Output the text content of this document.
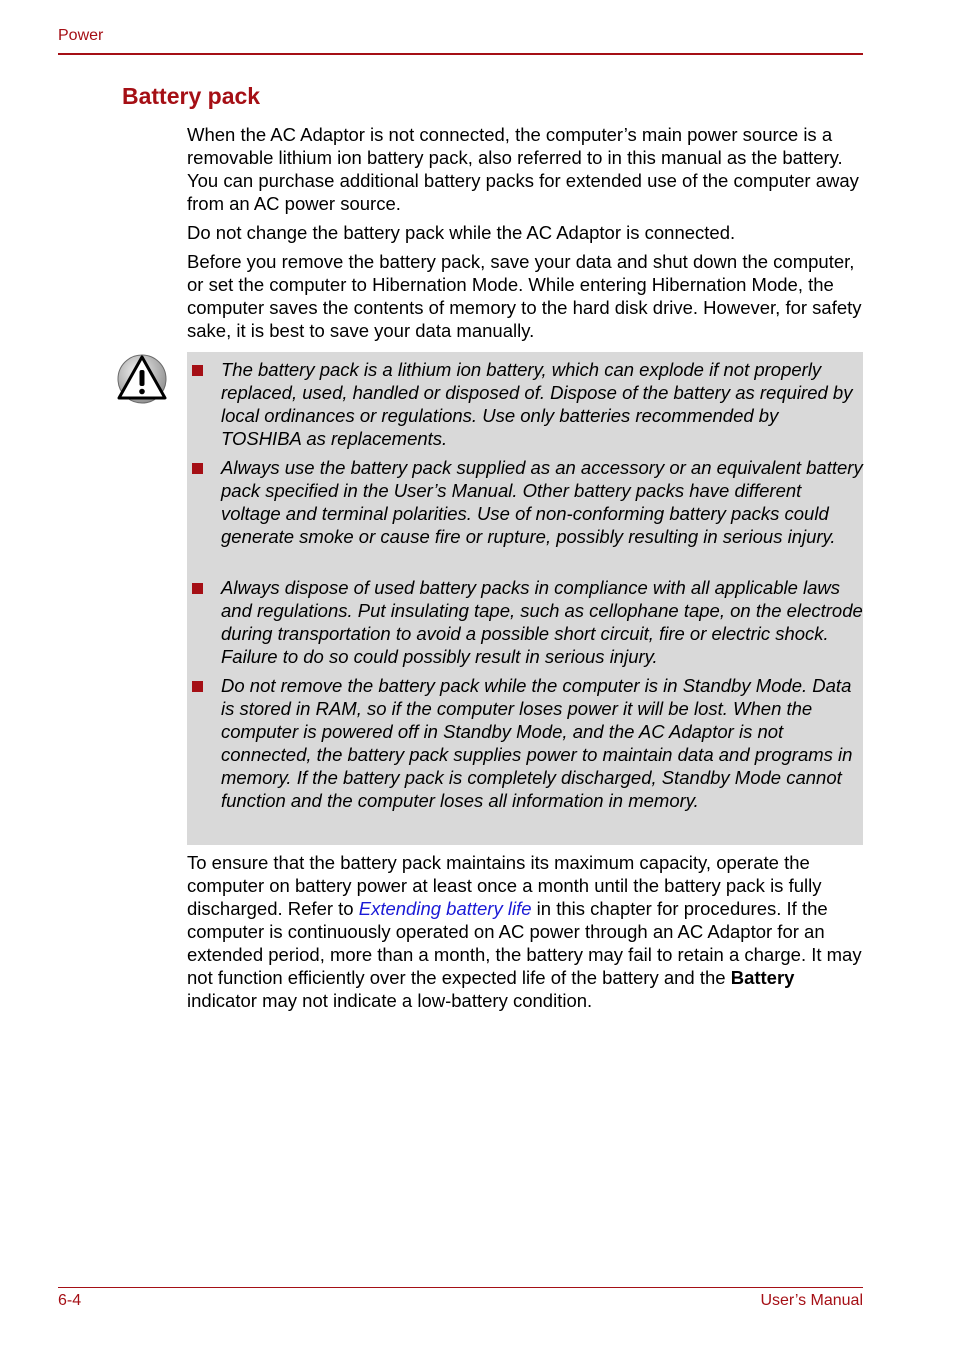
Power
Battery pack

When the AC Adaptor is not connected, the computer’s main power source is a removable lithium ion battery pack, also referred to in this manual as the battery. You can purchase additional battery packs for extended use of the computer away from an AC power source.

Do not change the battery pack while the AC Adaptor is connected.

Before you remove the battery pack, save your data and shut down the computer, or set the computer to Hibernation Mode. While entering Hibernation Mode, the computer saves the contents of memory to the hard disk drive. However, for safety sake, it is best to save your data manually.

The battery pack is a lithium ion battery, which can explode if not properly replaced, used, handled or disposed of. Dispose of the battery as required by local ordinances or regulations. Use only batteries recommended by TOSHIBA as replacements.

Always use the battery pack supplied as an accessory or an equivalent battery pack specified in the User’s Manual. Other battery packs have different voltage and terminal polarities. Use of non-conforming battery packs could generate smoke or cause fire or rupture, possibly resulting in serious injury.

Always dispose of used battery packs in compliance with all applicable laws and regulations. Put insulating tape, such as cellophane tape, on the electrode during transportation to avoid a possible short circuit, fire or electric shock. Failure to do so could possibly result in serious injury.

Do not remove the battery pack while the computer is in Standby Mode. Data is stored in RAM, so if the computer loses power it will be lost. When the computer is powered off in Standby Mode, and the AC Adaptor is not connected, the battery pack supplies power to maintain data and programs in memory. If the battery pack is completely discharged, Standby Mode cannot function and the computer loses all information in memory.

To ensure that the battery pack maintains its maximum capacity, operate the computer on battery power at least once a month until the battery pack is fully discharged. Refer to Extending battery life in this chapter for procedures. If the computer is continuously operated on AC power through an AC Adaptor for an extended period, more than a month, the battery may fail to retain a charge. It may not function efficiently over the expected life of the battery and the Battery indicator may not indicate a low-battery condition.

6-4	User’s Manual
